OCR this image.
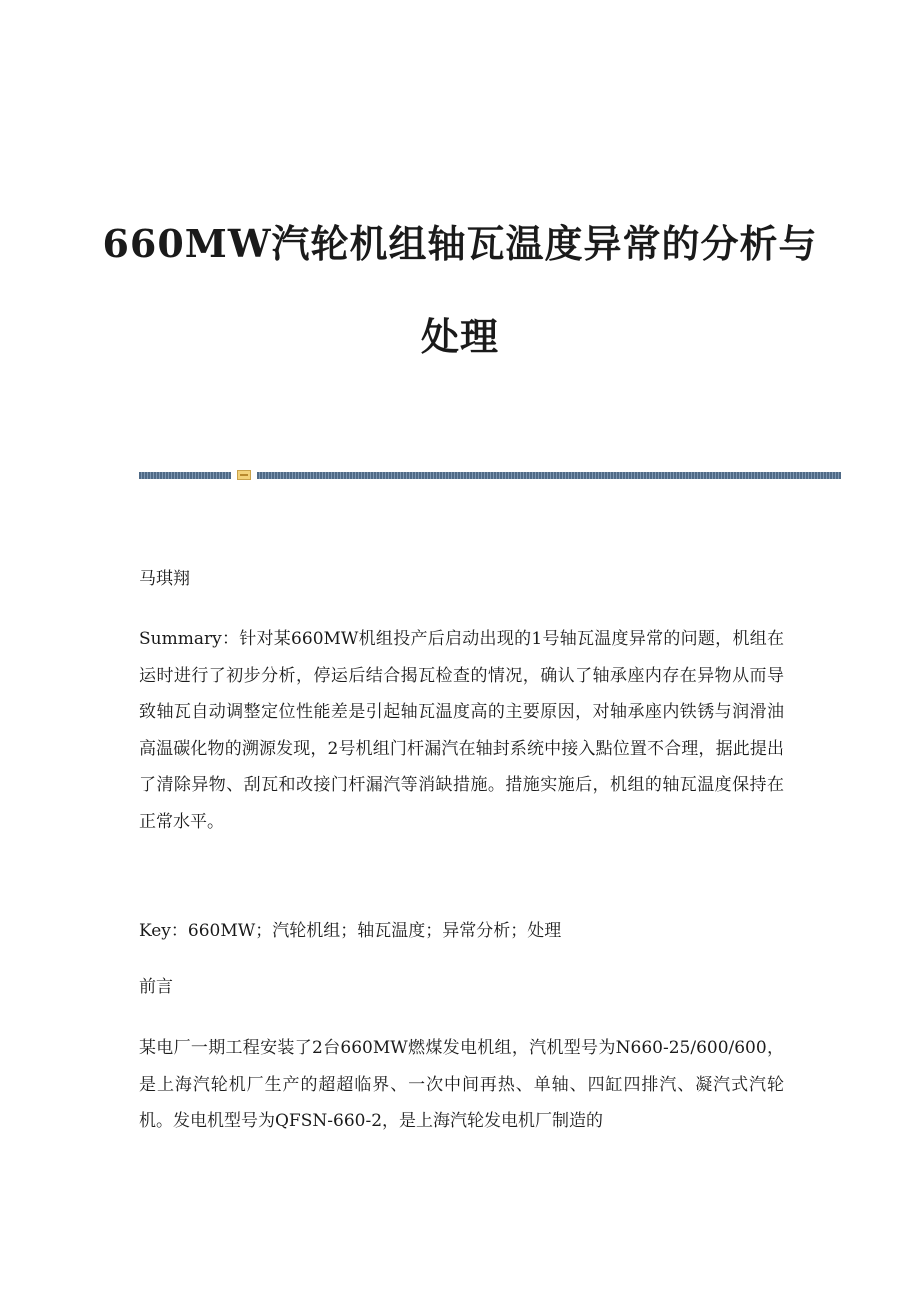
660MW汽轮机组轴瓦温度异常的分析与
处理

马琪翔

Summary：针对某660MW机组投产后启动出现的1号轴瓦温度异常的问题，机组在运时进行了初步分析，停运后结合揭瓦检查的情况，确认了轴承座内存在异物从而导致轴瓦自动调整定位性能差是引起轴瓦温度高的主要原因，对轴承座内铁锈与润滑油高温碳化物的溯源发现，2号机组门杆漏汽在轴封系统中接入點位置不合理，据此提出了清除异物、刮瓦和改接门杆漏汽等消缺措施。措施实施后，机组的轴瓦温度保持在正常水平。

Key：660MW；汽轮机组；轴瓦温度；异常分析；处理

前言

某电厂一期工程安装了2台660MW燃煤发电机组，汽机型号为N660-25/600/600，是上海汽轮机厂生产的超超临界、一次中间再热、单轴、四缸四排汽、凝汽式汽轮机。发电机型号为QFSN-660-2，是上海汽轮发电机厂制造的
